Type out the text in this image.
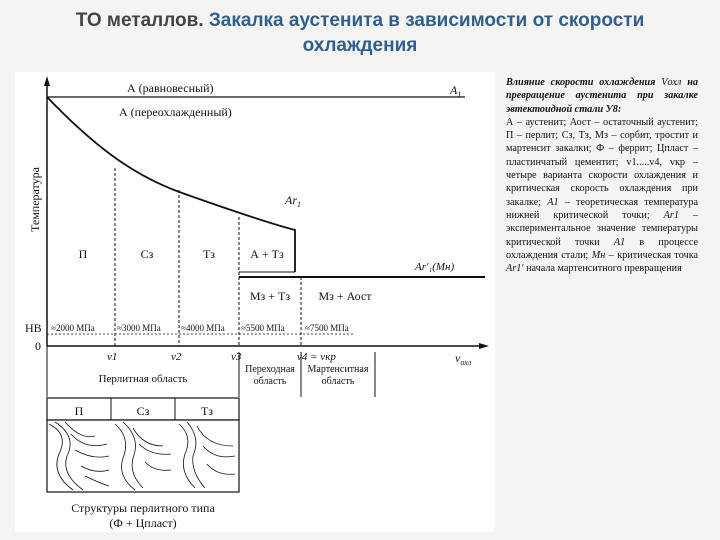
ТО металлов. Закалка аустенита в зависимости от скорости
охлаждения
Температура
$A_1$
А (равновесный)
А (переохлажденный)
$Ar_1$
Ar′₁(Mн)
П	Сз	Тз	А + Тз
Мз + Тз Мз + Аост
HB
0
$v_{охл}$
≈2000 МПа ≈3000 МПа ≈4000 МПа ≈5500 МПа ≈7500 МПа
v1	v2	v3	v4 = vкр
Перлитная область
Переходная
область
Мартенситная
область
П	Сз	Тз
Структуры перлитного типа
(Ф + Цпласт)

Влияние скорости охлаждения Vохл на превращение аустенита при закалке эвтектоидной стали У8:

А – аустенит; Аост – остаточный аустенит; П – перлит; Сз, Тз, Мз – сорбит, тростит и мартенсит закалки; Ф – феррит; Цпласт – пластинчатый цементит; v1.....v4, vкр – четыре варианта скорости охлаждения и критическая скорость охлаждения при закалке; A1 – теоретическая температура нижней критической точки; Ar1 – экспериментальное значение температуры критической точки A1 в процессе охлаждения стали; Мн – критическая точка Ar1′ начала мартенситного превращения
